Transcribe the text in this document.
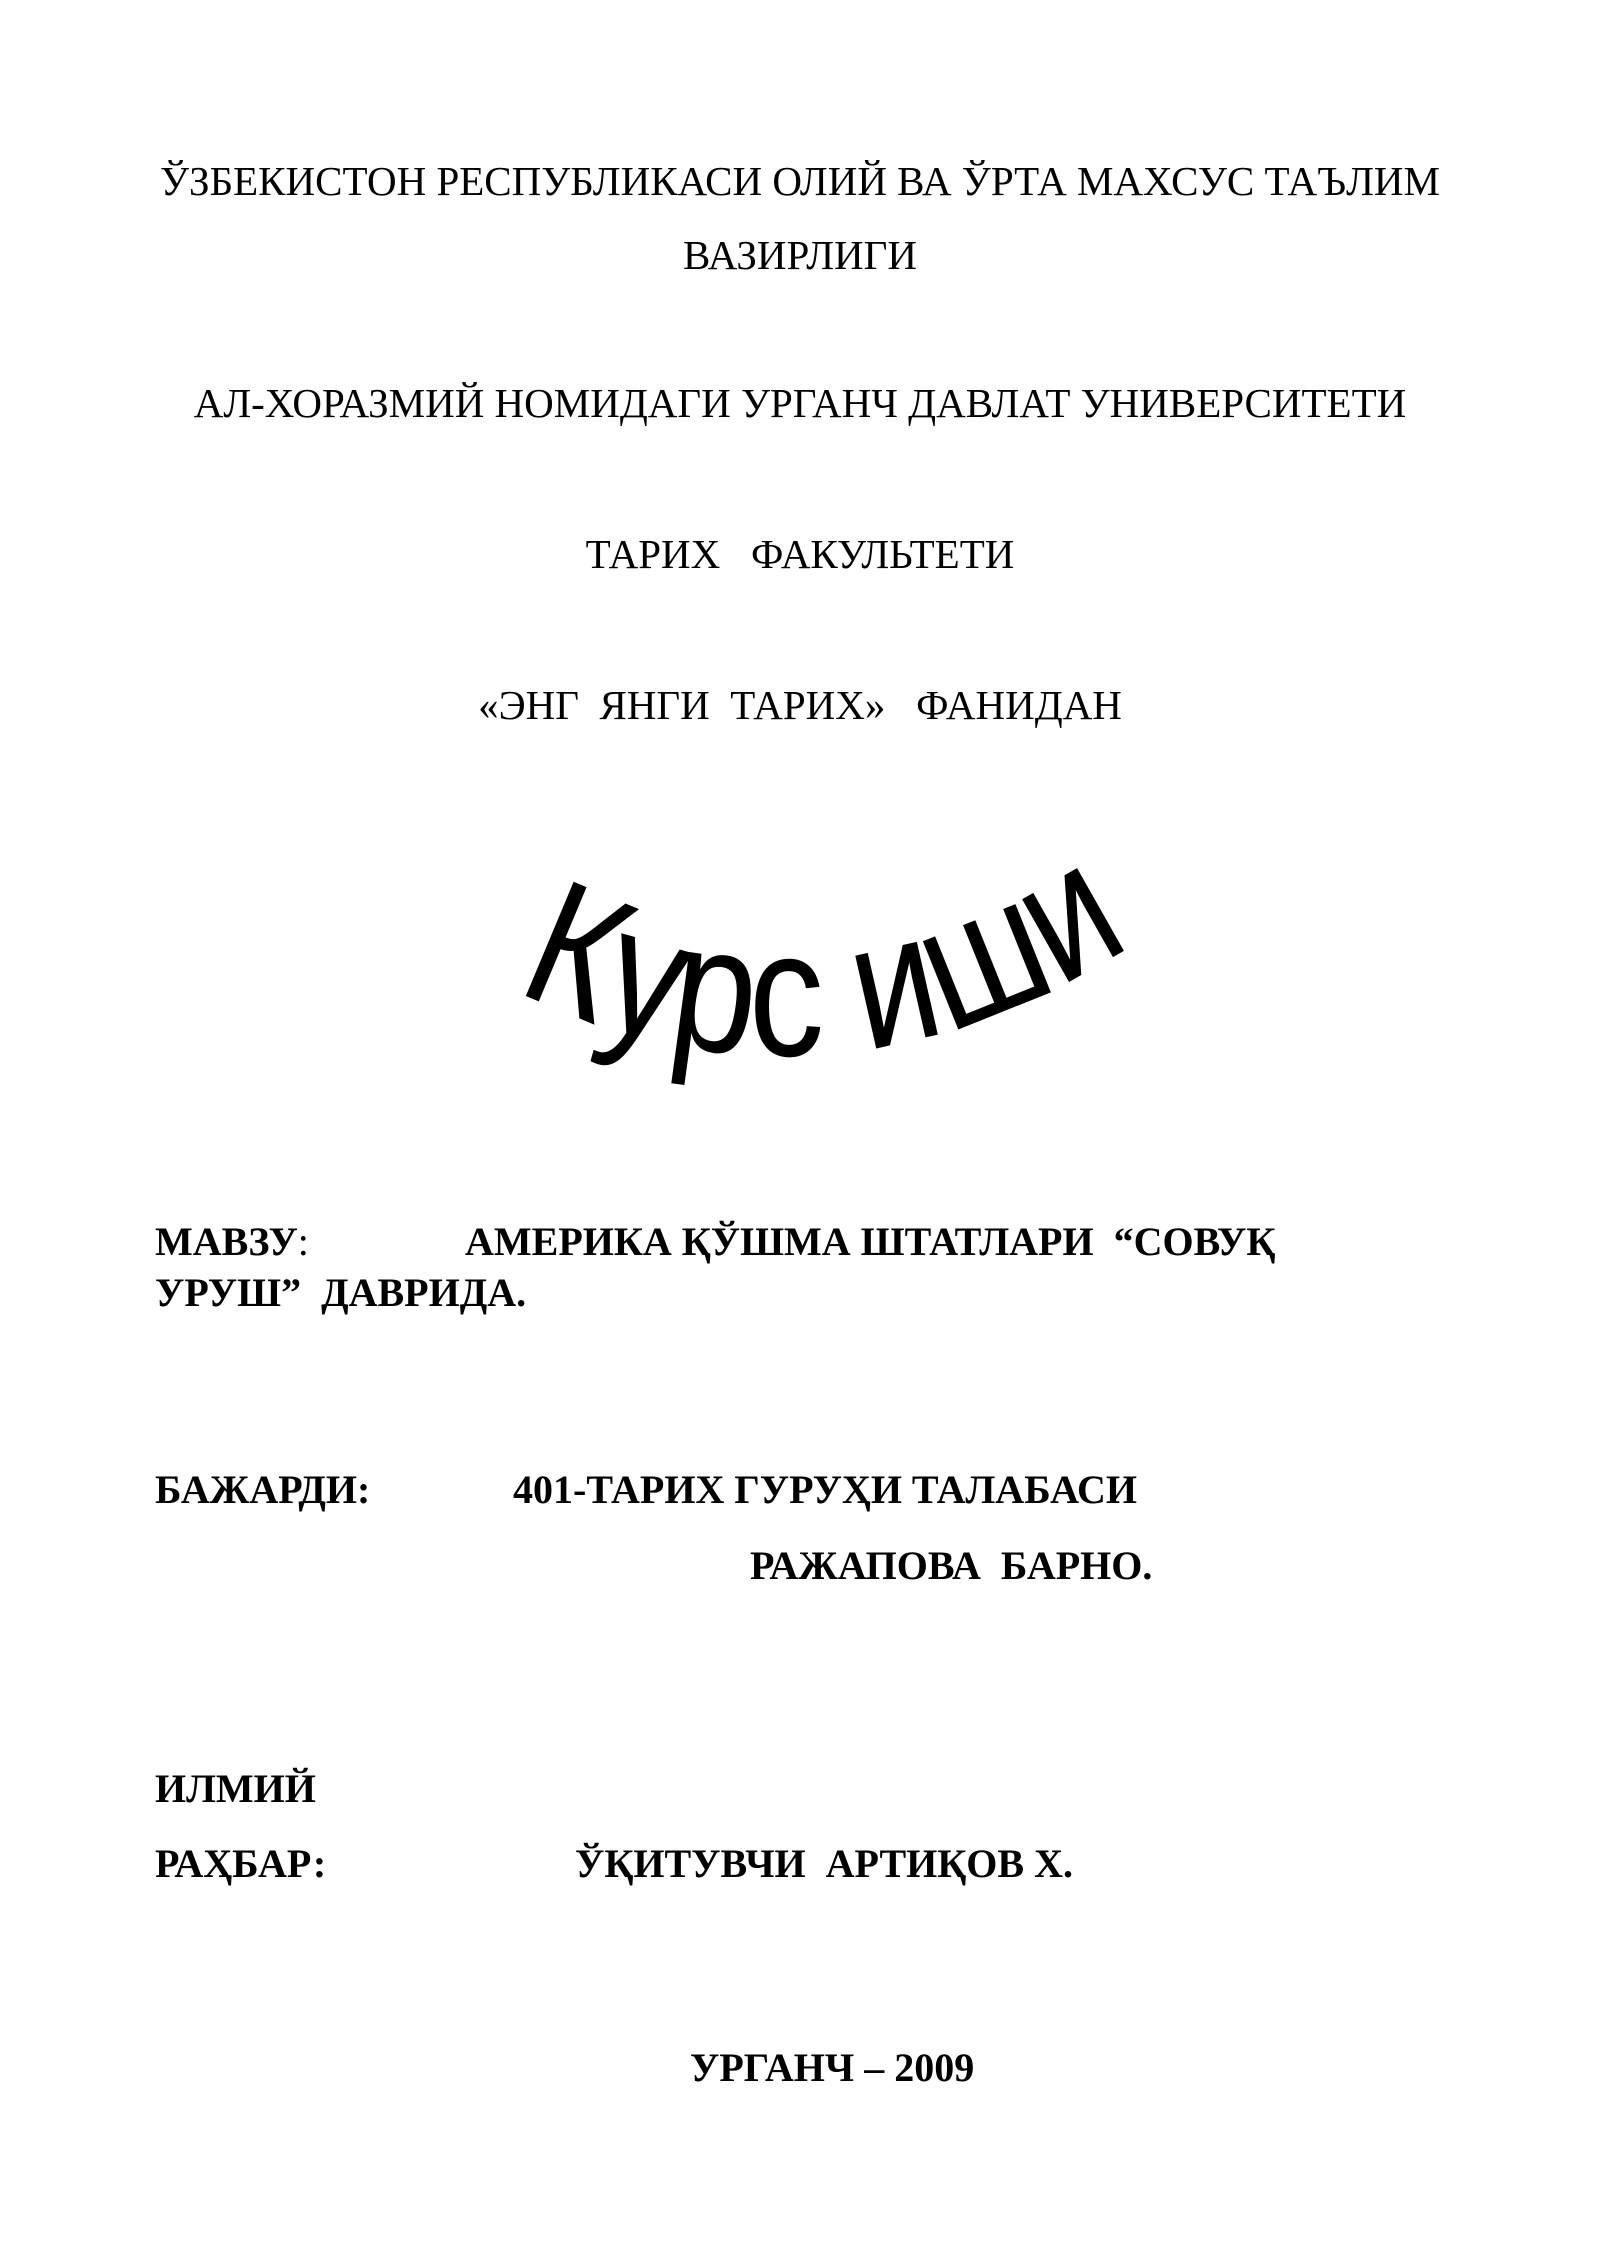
ЎЗБЕКИСТОН РЕСПУБЛИКАСИ ОЛИЙ ВА ЎРТА МАХСУС ТАЪЛИМ
ВАЗИРЛИГИ
АЛ-ХОРАЗМИЙ НОМИДАГИ УРГАНЧ ДАВЛАТ УНИВЕРСИТЕТИ
ТАРИХ   ФАКУЛЬТЕТИ
«ЭНГ  ЯНГИ  ТАРИХ»   ФАНИДАН
Курс иши
МАВЗУ:	АМЕРИКА ҚЎШМА ШТАТЛАРИ  “СОВУҚ
УРУШ”  ДАВРИДА.
БАЖАРДИ:	401-ТАРИХ ГУРУҲИ ТАЛАБАСИ
РАЖАПОВА  БАРНО.
ИЛМИЙ
РАҲБАР:	ЎҚИТУВЧИ  АРТИҚОВ Х.
УРГАНЧ – 2009
